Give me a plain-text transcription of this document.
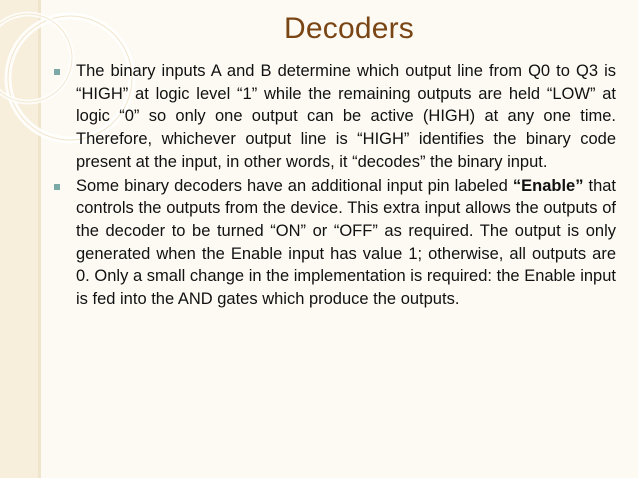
Decoders
The binary inputs A and B determine which output line from Q0 to Q3 is “HIGH” at logic level “1” while the remaining outputs are held “LOW” at logic “0” so only one output can be active (HIGH) at any one time. Therefore, whichever output line is “HIGH” identifies the binary code present at the input, in other words, it “decodes” the binary input.
Some binary decoders have an additional input pin labeled “Enable” that controls the outputs from the device. This extra input allows the outputs of the decoder to be turned “ON” or “OFF” as required. The output is only generated when the Enable input has value 1; otherwise, all outputs are 0. Only a small change in the implementation is required: the Enable input is fed into the AND gates which produce the outputs.
